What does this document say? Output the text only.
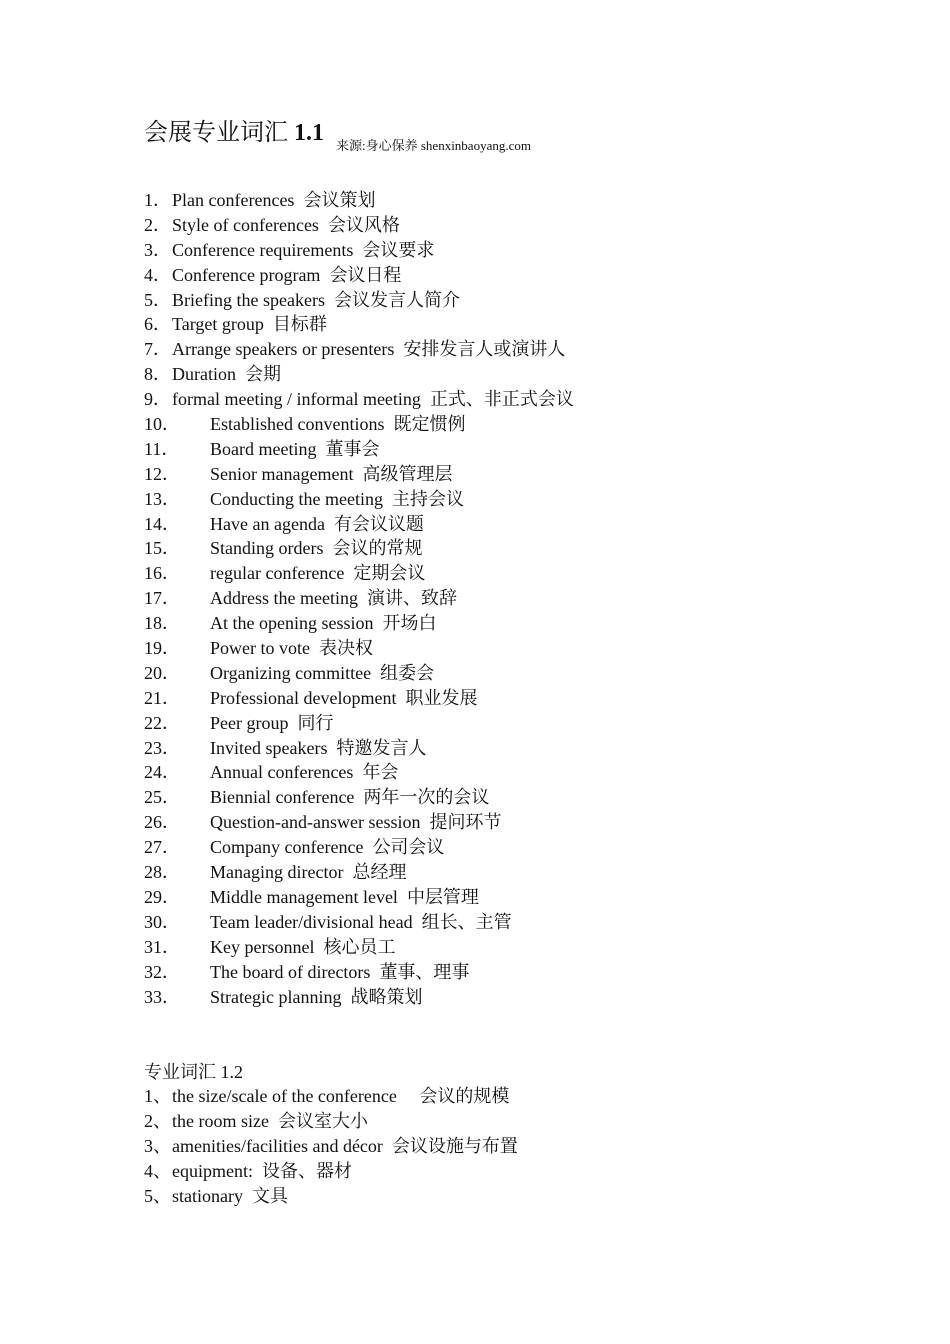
会展专业词汇 1.1 来源:身心保养 shenxinbaoyang.com
1．Plan conferences 会议策划
2．Style of conferences 会议风格
3．Conference requirements 会议要求
4．Conference program 会议日程
5．Briefing the speakers 会议发言人简介
6．Target group 目标群
7．Arrange speakers or presenters 安排发言人或演讲人
8．Duration 会期
9．formal meeting / informal meeting 正式、非正式会议
10． Established conventions 既定惯例
11． Board meeting 董事会
12． Senior management 高级管理层
13． Conducting the meeting 主持会议
14． Have an agenda 有会议议题
15． Standing orders 会议的常规
16． regular conference 定期会议
17． Address the meeting 演讲、致辞
18． At the opening session 开场白
19． Power to vote 表决权
20． Organizing committee 组委会
21． Professional development 职业发展
22． Peer group 同行
23． Invited speakers 特邀发言人
24． Annual conferences 年会
25． Biennial conference 两年一次的会议
26． Question-and-answer session 提问环节
27． Company conference 公司会议
28． Managing director 总经理
29． Middle management level 中层管理
30． Team leader/divisional head 组长、主管
31． Key personnel 核心员工
32． The board of directors 董事、理事
33． Strategic planning 战略策划
专业词汇 1.2
1、the size/scale of the conference 会议的规模
2、the room size 会议室大小
3、amenities/facilities and décor 会议设施与布置
4、equipment: 设备、器材
5、stationary 文具
